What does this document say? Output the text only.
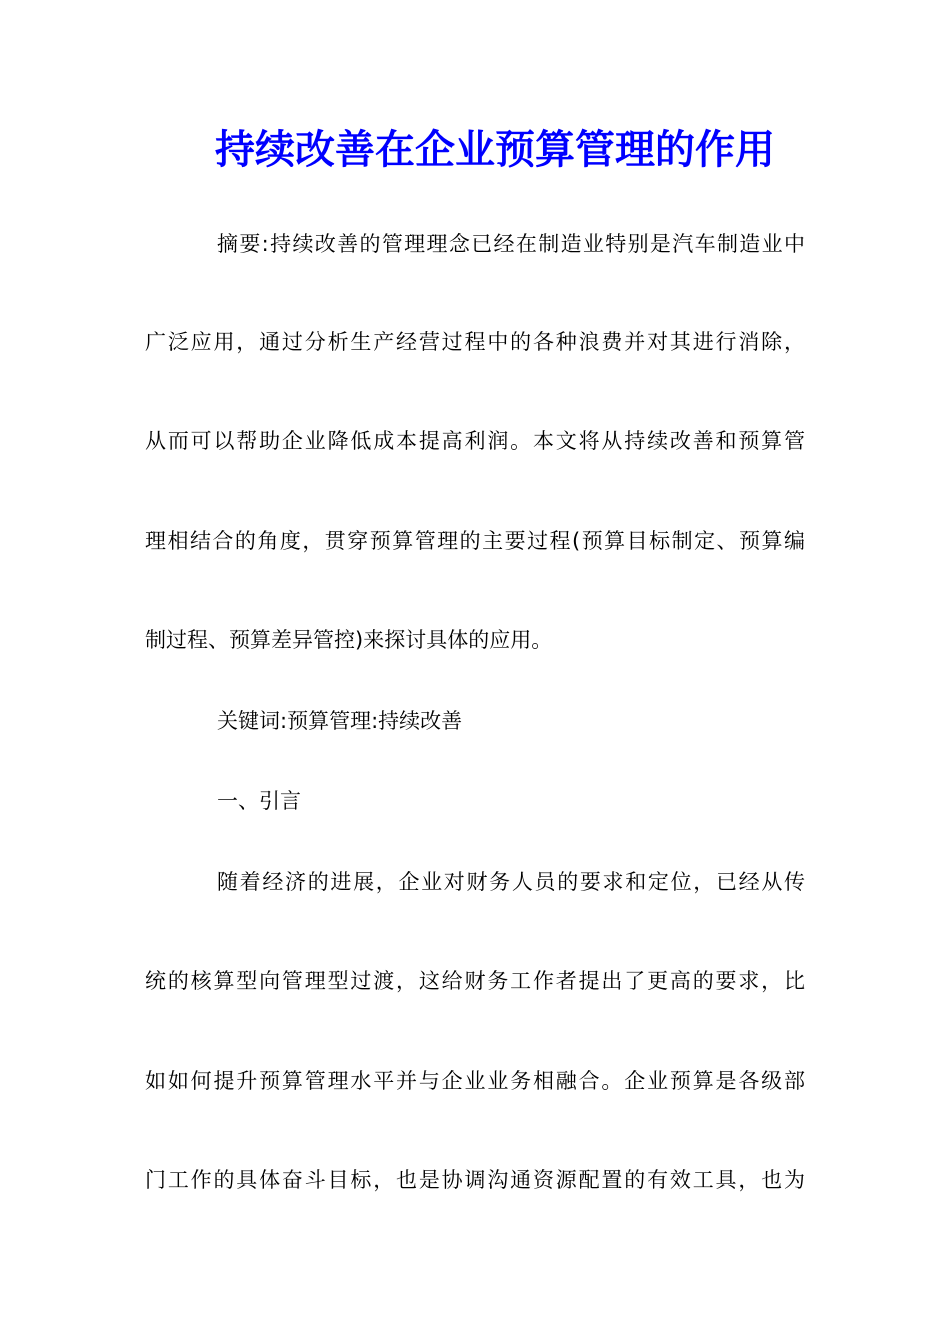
持续改善在企业预算管理的作用

摘要:持续改善的管理理念已经在制造业特别是汽车制造业中

广泛应用，通过分析生产经营过程中的各种浪费并对其进行消除，

从而可以帮助企业降低成本提高利润。本文将从持续改善和预算管

理相结合的角度，贯穿预算管理的主要过程(预算目标制定、预算编

制过程、预算差异管控)来探讨具体的应用。

关键词:预算管理:持续改善

一、引言

随着经济的进展，企业对财务人员的要求和定位，已经从传

统的核算型向管理型过渡，这给财务工作者提出了更高的要求，比

如如何提升预算管理水平并与企业业务相融合。企业预算是各级部

门工作的具体奋斗目标，也是协调沟通资源配置的有效工具，也为
